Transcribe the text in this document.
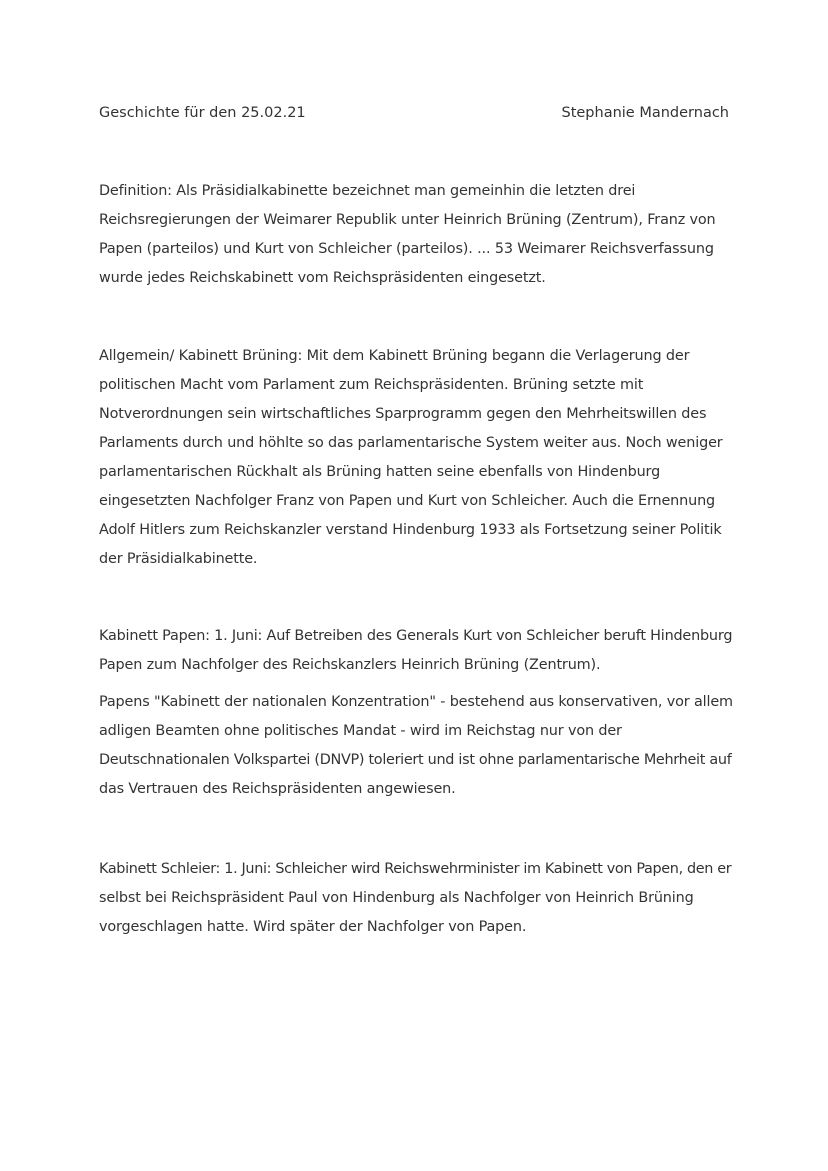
Geschichte für den 25.02.21	Stephanie Mandernach

Definition: Als Präsidialkabinette bezeichnet man gemeinhin die letzten drei
Reichsregierungen der Weimarer Republik unter Heinrich Brüning (Zentrum), Franz von
Papen (parteilos) und Kurt von Schleicher (parteilos). ... 53 Weimarer Reichsverfassung
wurde jedes Reichskabinett vom Reichspräsidenten eingesetzt.

Allgemein/ Kabinett Brüning: Mit dem Kabinett Brüning begann die Verlagerung der
politischen Macht vom Parlament zum Reichspräsidenten. Brüning setzte mit
Notverordnungen sein wirtschaftliches Sparprogramm gegen den Mehrheitswillen des
Parlaments durch und höhlte so das parlamentarische System weiter aus. Noch weniger
parlamentarischen Rückhalt als Brüning hatten seine ebenfalls von Hindenburg
eingesetzten Nachfolger Franz von Papen und Kurt von Schleicher. Auch die Ernennung
Adolf Hitlers zum Reichskanzler verstand Hindenburg 1933 als Fortsetzung seiner Politik
der Präsidialkabinette.

Kabinett Papen: 1. Juni: Auf Betreiben des Generals Kurt von Schleicher beruft Hindenburg
Papen zum Nachfolger des Reichskanzlers Heinrich Brüning (Zentrum).

Papens "Kabinett der nationalen Konzentration" - bestehend aus konservativen, vor allem
adligen Beamten ohne politisches Mandat - wird im Reichstag nur von der
Deutschnationalen Volkspartei (DNVP) toleriert und ist ohne parlamentarische Mehrheit auf
das Vertrauen des Reichspräsidenten angewiesen.

Kabinett Schleier: 1. Juni: Schleicher wird Reichswehrminister im Kabinett von Papen, den er
selbst bei Reichspräsident Paul von Hindenburg als Nachfolger von Heinrich Brüning
vorgeschlagen hatte. Wird später der Nachfolger von Papen.
